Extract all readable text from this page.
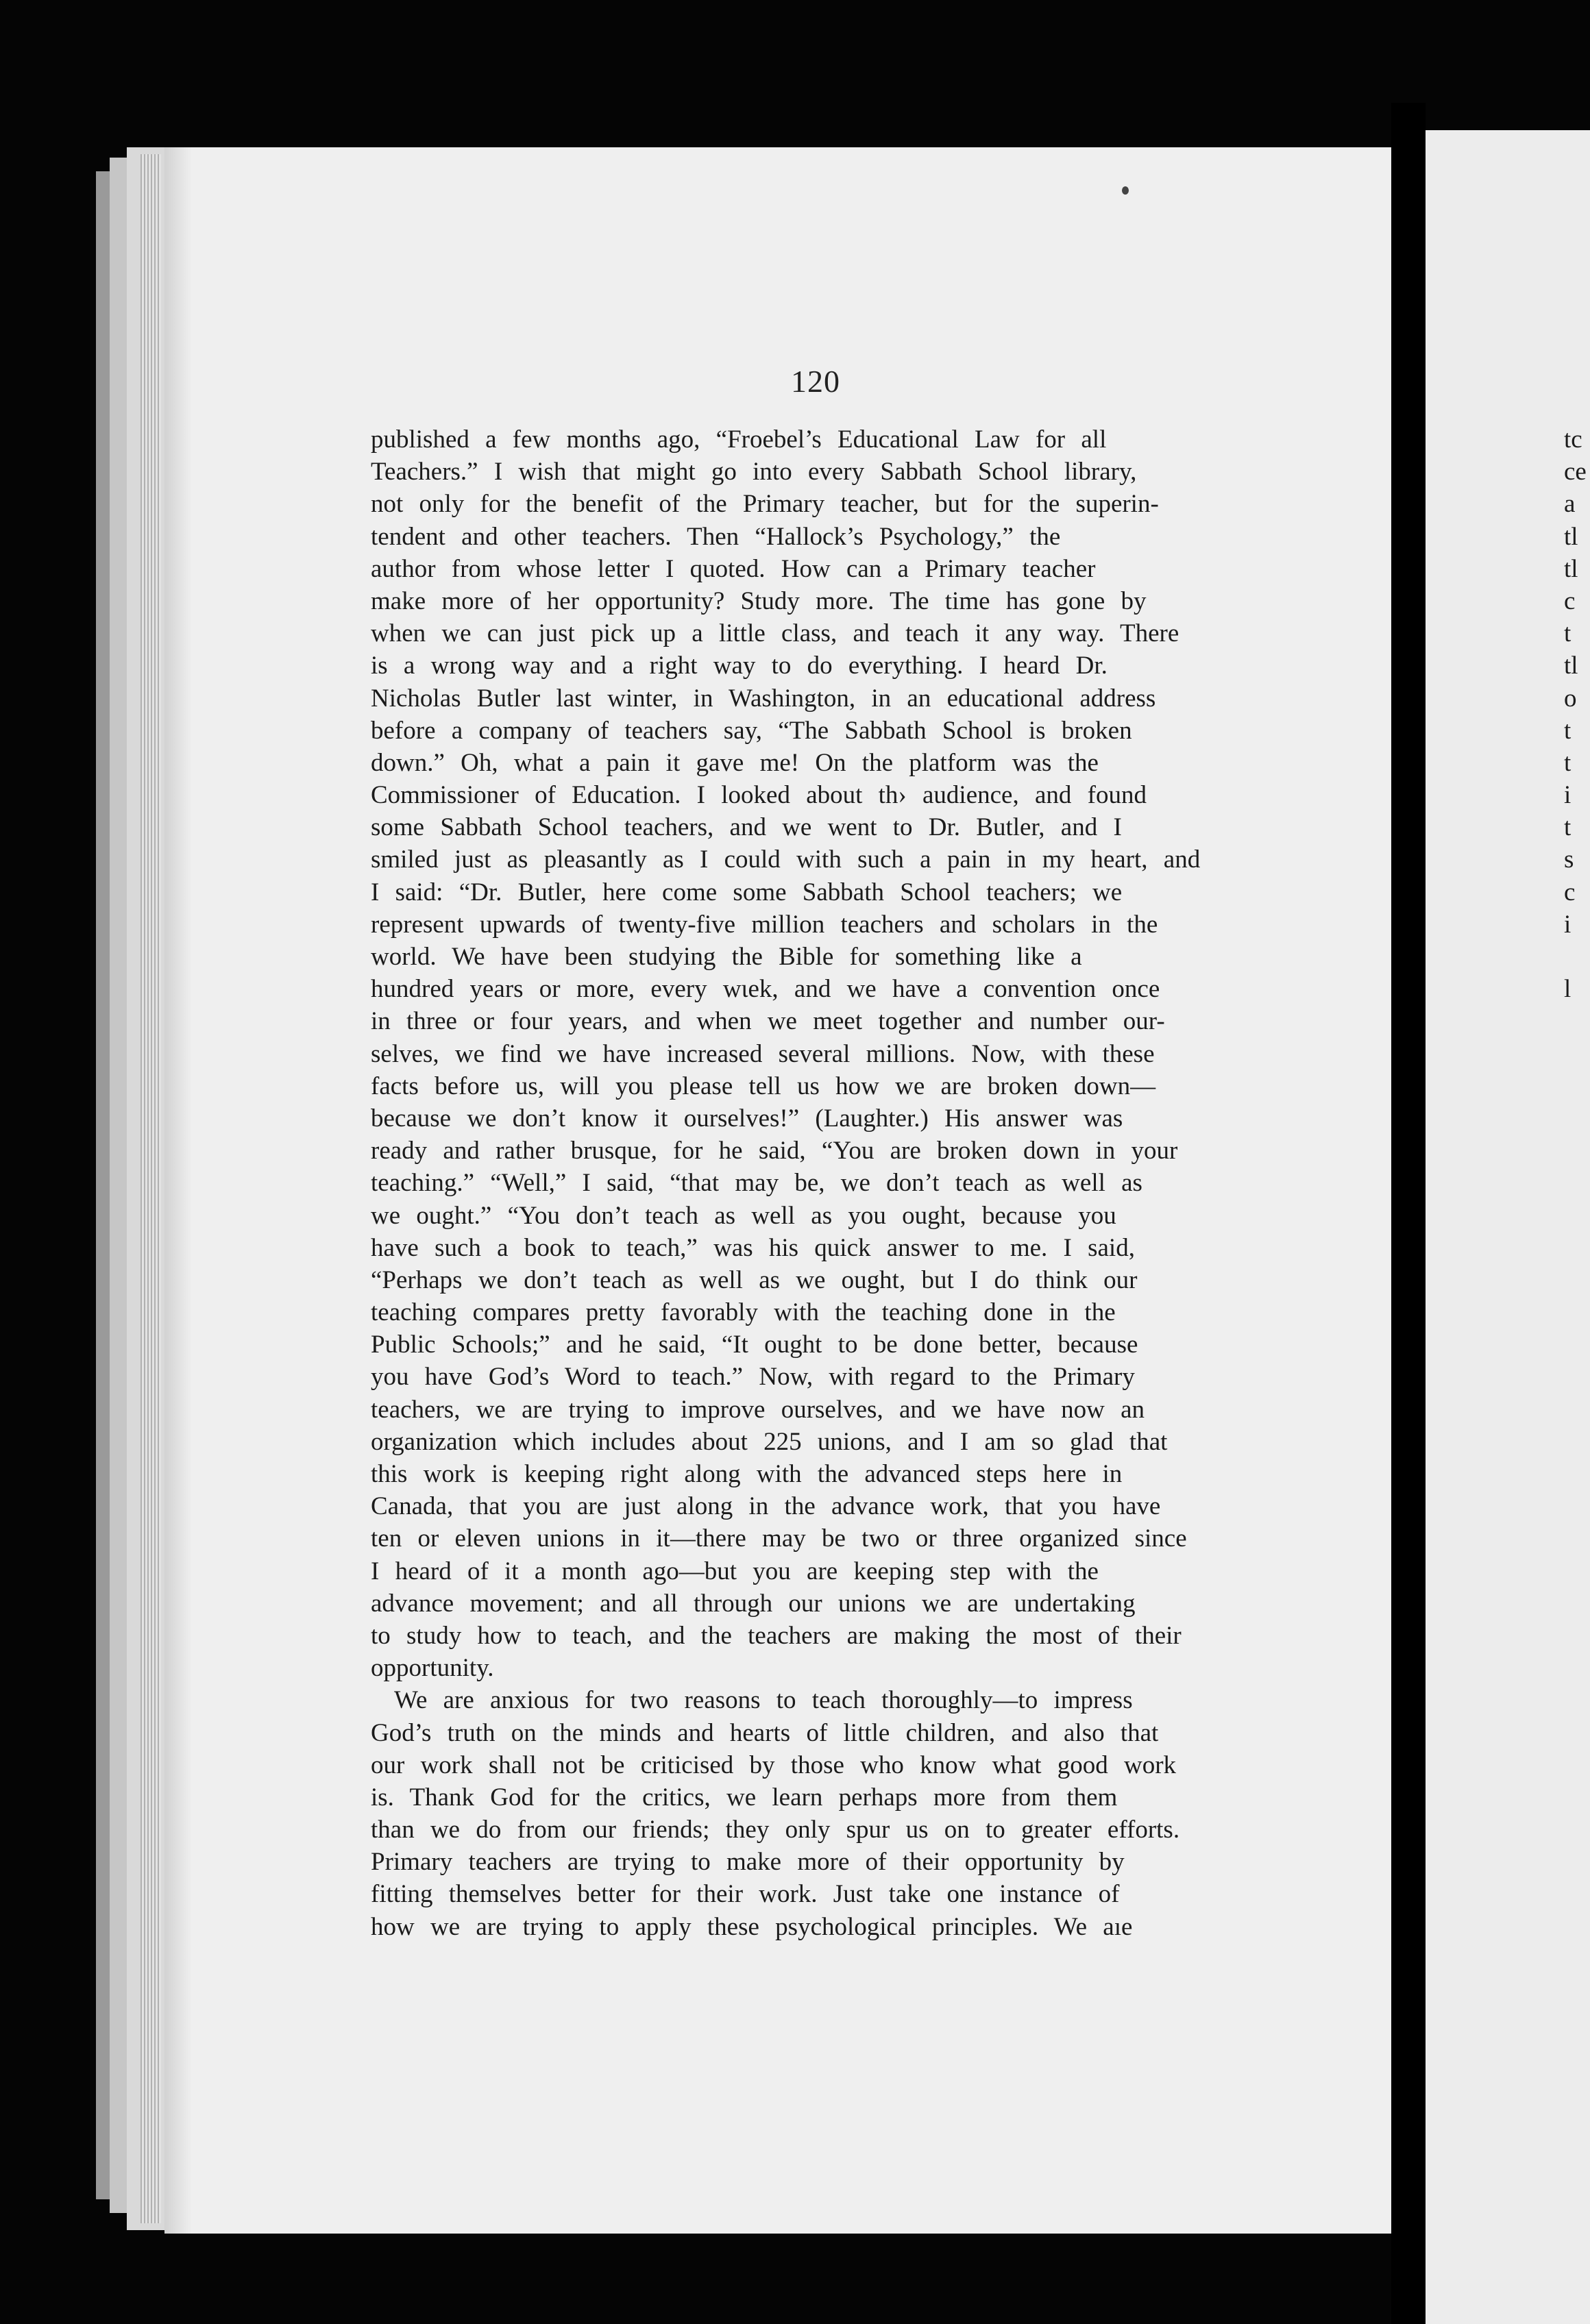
120
published a few months ago, “Froebel’s Educational Law for all
Teachers.” I wish that might go into every Sabbath School library,
not only for the benefit of the Primary teacher, but for the superin-
tendent and other teachers. Then “Hallock’s Psychology,” the
author from whose letter I quoted. How can a Primary teacher
make more of her opportunity? Study more. The time has gone by
when we can just pick up a little class, and teach it any way. There
is a wrong way and a right way to do everything. I heard Dr.
Nicholas Butler last winter, in Washington, in an educational address
before a company of teachers say, “The Sabbath School is broken
down.” Oh, what a pain it gave me! On the platform was the
Commissioner of Education. I looked about th› audience, and found
some Sabbath School teachers, and we went to Dr. Butler, and I
smiled just as pleasantly as I could with such a pain in my heart, and
I said: “Dr. Butler, here come some Sabbath School teachers; we
represent upwards of twenty-five million teachers and scholars in the
world. We have been studying the Bible for something like a
hundred years or more, every wɩek, and we have a convention once
in three or four years, and when we meet together and number our-
selves, we find we have increased several millions. Now, with these
facts before us, will you please tell us how we are broken down—
because we don’t know it ourselves!” (Laughter.) His answer was
ready and rather brusque, for he said, “You are broken down in your
teaching.” “Well,” I said, “that may be, we don’t teach as well as
we ought.” “You don’t teach as well as you ought, because you
have such a book to teach,” was his quick answer to me. I said,
“Perhaps we don’t teach as well as we ought, but I do think our
teaching compares pretty favorably with the teaching done in the
Public Schools;” and he said, “It ought to be done better, because
you have God’s Word to teach.” Now, with regard to the Primary
teachers, we are trying to improve ourselves, and we have now an
organization which includes about 225 unions, and I am so glad that
this work is keeping right along with the advanced steps here in
Canada, that you are just along in the advance work, that you have
ten or eleven unions in it—there may be two or three organized since
I heard of it a month ago—but you are keeping step with the
advance movement; and all through our unions we are undertaking
to study how to teach, and the teachers are making the most of their
opportunity.
We are anxious for two reasons to teach thoroughly—to impress
God’s truth on the minds and hearts of little children, and also that
our work shall not be criticised by those who know what good work
is. Thank God for the critics, we learn perhaps more from them
than we do from our friends; they only spur us on to greater efforts.
Primary teachers are trying to make more of their opportunity by
fitting themselves better for their work. Just take one instance of
how we are trying to apply these psychological principles. We aıe
tc
ce
a
tl
tl
c
t
tl
o
t
t
i
t
s
c
i
l
